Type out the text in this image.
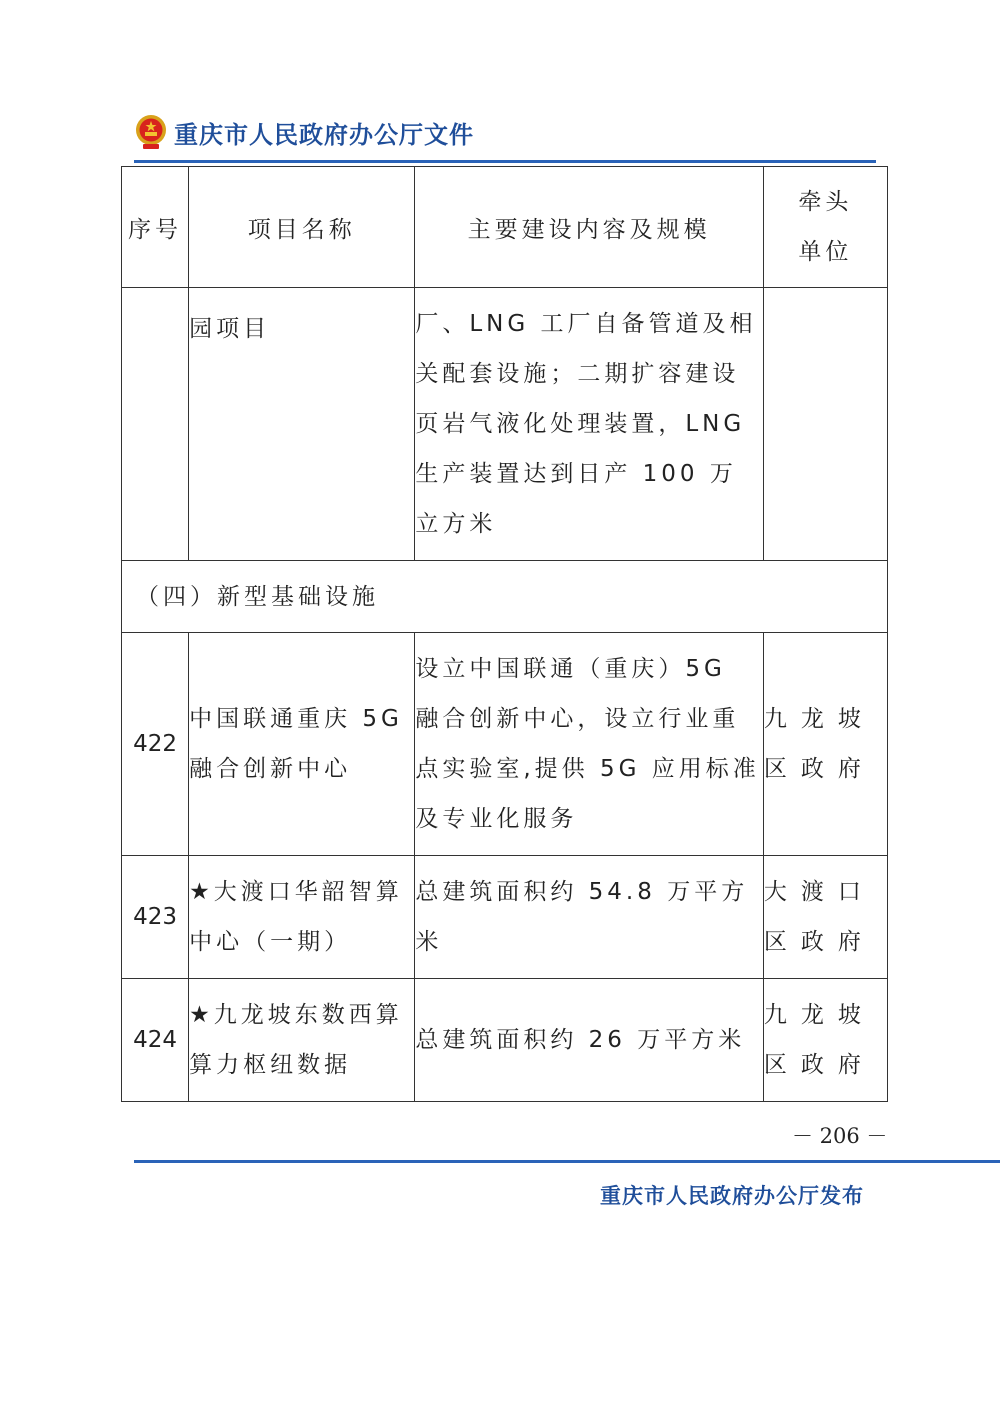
重庆市人民政府办公厅文件
序号	项目名称	主要建设内容及规模	牵头单位
	园项目	厂、LNG 工厂自备管道及相关配套设施；二期扩容建设页岩气液化处理装置，LNG 生产装置达到日产 100 万立方米	
（四）新型基础设施			
422	中国联通重庆 5G 融合创新中心	设立中国联通（重庆）5G 融合创新中心，设立行业重点实验室,提供 5G 应用标准及专业化服务	九龙坡区政府
423	★大渡口华韶智算中心（一期）	总建筑面积约 54.8 万平方米	大渡口区政府
424	★九龙坡东数西算算力枢纽数据	总建筑面积约 26 万平方米	九龙坡区政府
－ 206 －
重庆市人民政府办公厅发布
